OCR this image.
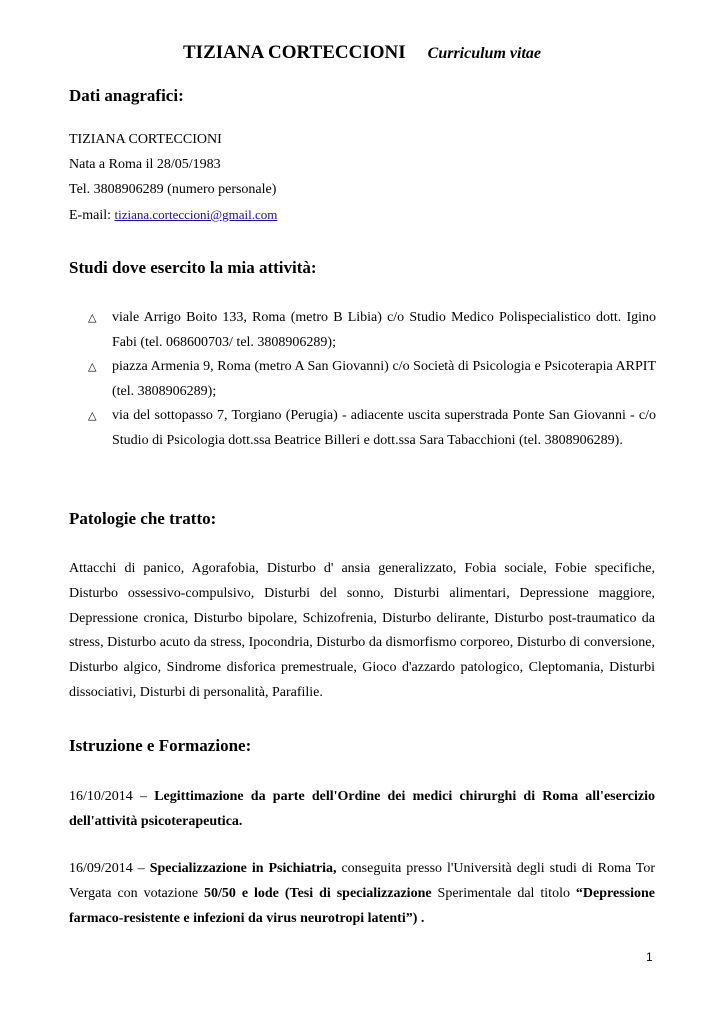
TIZIANA CORTECCIONI Curriculum vitae
Dati anagrafici:
TIZIANA CORTECCIONI
Nata a Roma il 28/05/1983
Tel. 3808906289 (numero personale)
E-mail: tiziana.corteccioni@gmail.com
Studi dove esercito la mia attività:
△ viale Arrigo Boito 133, Roma (metro B Libia) c/o Studio Medico Polispecialistico dott. Igino Fabi (tel. 068600703/ tel. 3808906289);
△ piazza Armenia 9, Roma (metro A San Giovanni) c/o Società di Psicologia e Psicoterapia ARPIT (tel. 3808906289);
△ via del sottopasso 7, Torgiano (Perugia) - adiacente uscita superstrada Ponte San Giovanni - c/o Studio di Psicologia dott.ssa Beatrice Billeri e dott.ssa Sara Tabacchioni (tel. 3808906289).
Patologie che tratto:

Attacchi di panico, Agorafobia, Disturbo d' ansia generalizzato, Fobia sociale, Fobie specifiche, Disturbo ossessivo-compulsivo, Disturbi del sonno, Disturbi alimentari, Depressione maggiore, Depressione cronica, Disturbo bipolare, Schizofrenia, Disturbo delirante, Disturbo post-traumatico da stress, Disturbo acuto da stress, Ipocondria, Disturbo da dismorfismo corporeo, Disturbo di conversione, Disturbo algico, Sindrome disforica premestruale, Gioco d'azzardo patologico, Cleptomania, Disturbi dissociativi, Disturbi di personalità, Parafilie.

Istruzione e Formazione:

16/10/2014 – Legittimazione da parte dell'Ordine dei medici chirurghi di Roma all'esercizio dell'attività psicoterapeutica.

16/09/2014 – Specializzazione in Psichiatria, conseguita presso l'Università degli studi di Roma Tor Vergata con votazione 50/50 e lode (Tesi di specializzazione Sperimentale dal titolo “Depressione farmaco-resistente e infezioni da virus neurotropi latenti”) .

1
